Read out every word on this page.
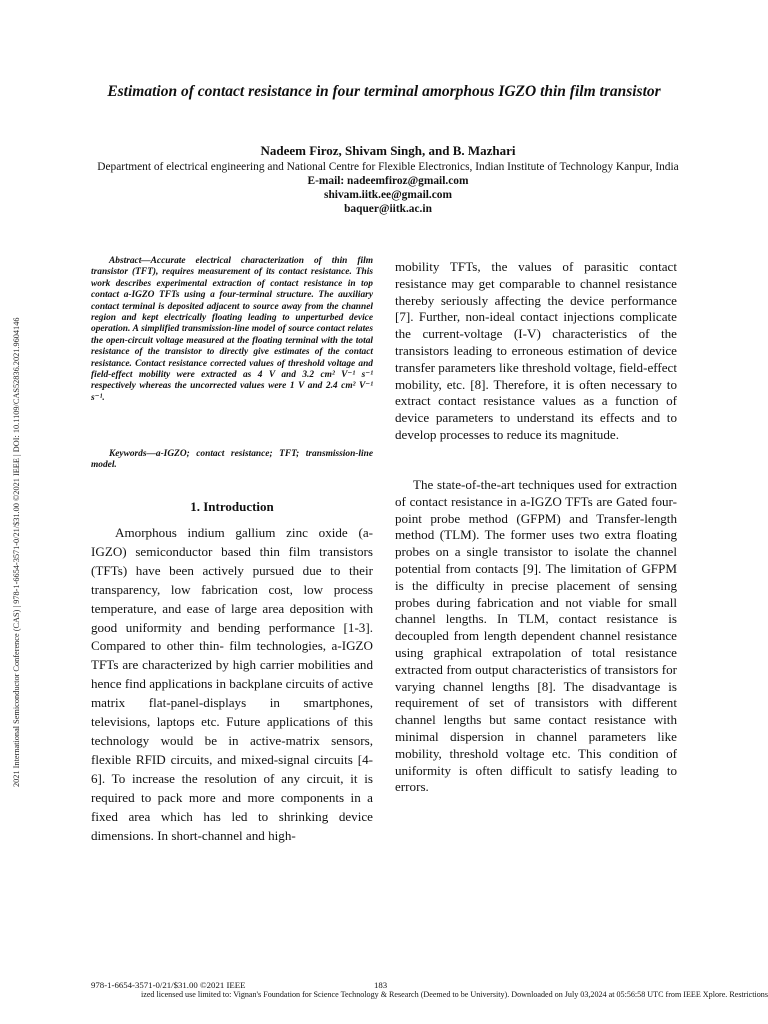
Estimation of contact resistance in four terminal amorphous IGZO thin film transistor
Nadeem Firoz, Shivam Singh, and B. Mazhari
Department of electrical engineering and National Centre for Flexible Electronics, Indian Institute of Technology Kanpur, India
E-mail: nadeemfiroz@gmail.com
shivam.iitk.ee@gmail.com
baquer@iitk.ac.in
2021 International Semiconductor Conference (CAS) | 978-1-6654-3571-0/21/$31.00 ©2021 IEEE | DOI: 10.1109/CAS52836.2021.9604146
Abstract—Accurate electrical characterization of thin film transistor (TFT), requires measurement of its contact resistance. This work describes experimental extraction of contact resistance in top contact a-IGZO TFTs using a four-terminal structure. The auxiliary contact terminal is deposited adjacent to source away from the channel region and kept electrically floating leading to unperturbed device operation. A simplified transmission-line model of source contact relates the open-circuit voltage measured at the floating terminal with the total resistance of the transistor to directly give estimates of the contact resistance. Contact resistance corrected values of threshold voltage and field-effect mobility were extracted as 4 V and 3.2 cm² V⁻¹ s⁻¹ respectively whereas the uncorrected values were 1 V and 2.4 cm² V⁻¹ s⁻¹.
Keywords—a-IGZO; contact resistance; TFT; transmission-line model.
1. Introduction
Amorphous indium gallium zinc oxide (a- IGZO) semiconductor based thin film transistors (TFTs) have been actively pursued due to their transparency, low fabrication cost, low process temperature, and ease of large area deposition with good uniformity and bending performance [1-3]. Compared to other thin- film technologies, a-IGZO TFTs are characterized by high carrier mobilities and hence find applications in backplane circuits of active matrix flat-panel-displays in smartphones, televisions, laptops etc. Future applications of this technology would be in active-matrix sensors, flexible RFID circuits, and mixed-signal circuits [4-6]. To increase the resolution of any circuit, it is required to pack more and more components in a fixed area which has led to shrinking device dimensions. In short-channel and high-
mobility TFTs, the values of parasitic contact resistance may get comparable to channel resistance thereby seriously affecting the device performance [7]. Further, non-ideal contact injections complicate the current-voltage (I-V) characteristics of the transistors leading to erroneous estimation of device transfer parameters like threshold voltage, field-effect mobility, etc. [8]. Therefore, it is often necessary to extract contact resistance values as a function of device parameters to understand its effects and to develop processes to reduce its magnitude.
The state-of-the-art techniques used for extraction of contact resistance in a-IGZO TFTs are Gated four-point probe method (GFPM) and Transfer-length method (TLM). The former uses two extra floating probes on a single transistor to isolate the channel potential from contacts [9]. The limitation of GFPM is the difficulty in precise placement of sensing probes during fabrication and not viable for small channel lengths. In TLM, contact resistance is decoupled from length dependent channel resistance using graphical extrapolation of total resistance extracted from output characteristics of transistors for varying channel lengths [8]. The disadvantage is requirement of set of transistors with different channel lengths but same contact resistance with minimal dispersion in channel parameters like mobility, threshold voltage etc. This condition of uniformity is often difficult to satisfy leading to errors.
978-1-6654-3571-0/21/$31.00 ©2021 IEEE	183
ized licensed use limited to: Vignan's Foundation for Science Technology & Research (Deemed to be University). Downloaded on July 03,2024 at 05:56:58 UTC from IEEE Xplore. Restrictions
